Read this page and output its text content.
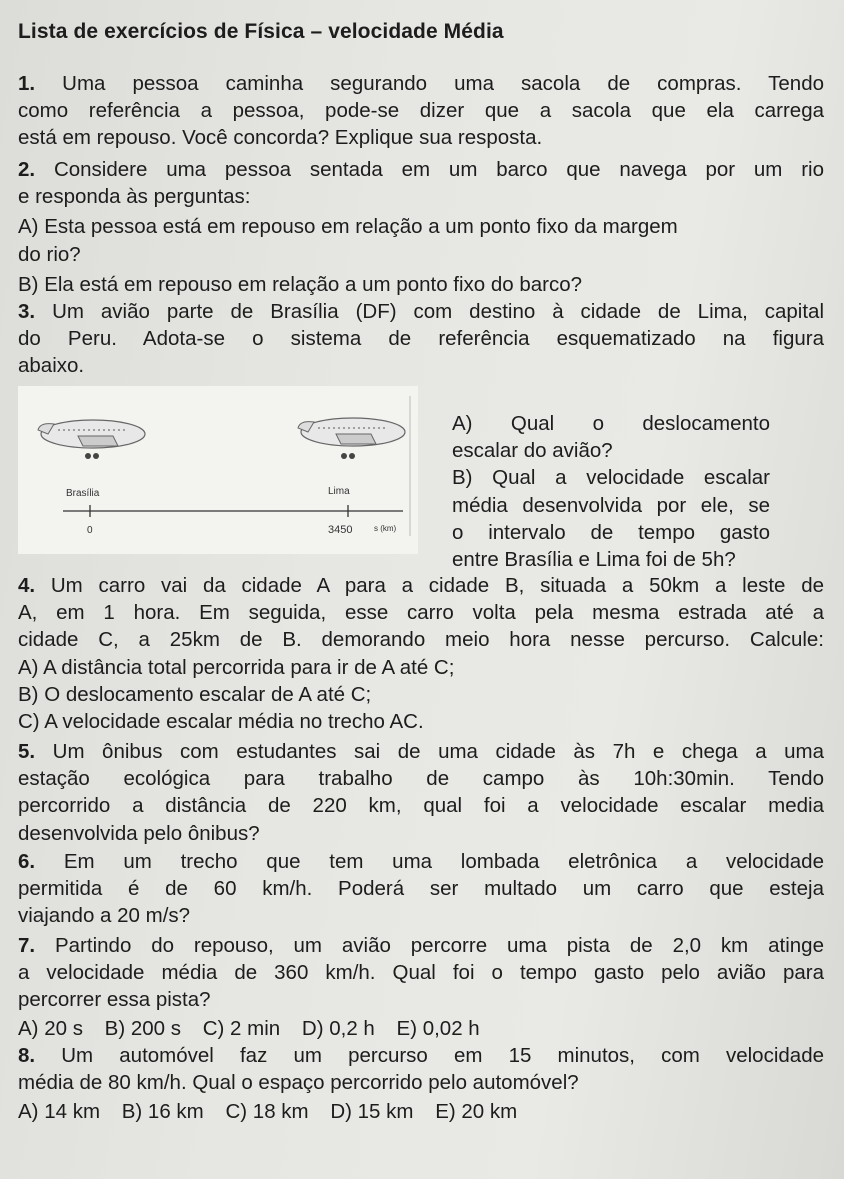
Lista de exercícios de Física – velocidade Média
1. Uma pessoa caminha segurando uma sacola de compras. Tendo
como referência a pessoa, pode-se dizer que a sacola que ela carrega
está em repouso. Você concorda? Explique sua resposta.
2. Considere uma pessoa sentada em um barco que navega por um rio
e responda às perguntas:
A) Esta pessoa está em repouso em relação a um ponto fixo da margem
do rio?
B) Ela está em repouso em relação a um ponto fixo do barco?
3. Um avião parte de Brasília (DF) com destino à cidade de Lima, capital
do Peru. Adota-se o sistema de referência esquematizado na figura
abaixo.
Brasília	Lima
0	3450	s (km)
A) Qual o deslocamento
escalar do avião?
B) Qual a velocidade escalar
média desenvolvida por ele, se
o intervalo de tempo gasto
entre Brasília e Lima foi de 5h?
4. Um carro vai da cidade A para a cidade B, situada a 50km a leste de
A, em 1 hora. Em seguida, esse carro volta pela mesma estrada até a
cidade C, a 25km de B. demorando meio hora nesse percurso. Calcule:
A) A distância total percorrida para ir de A até C;
B) O deslocamento escalar de A até C;
C) A velocidade escalar média no trecho AC.
5. Um ônibus com estudantes sai de uma cidade às 7h e chega a uma
estação ecológica para trabalho de campo às 10h:30min. Tendo
percorrido a distância de 220 km, qual foi a velocidade escalar media
desenvolvida pelo ônibus?
6. Em um trecho que tem uma lombada eletrônica a velocidade
permitida é de 60 km/h. Poderá ser multado um carro que esteja
viajando a 20 m/s?
7. Partindo do repouso, um avião percorre uma pista de 2,0 km atinge
a velocidade média de 360 km/h. Qual foi o tempo gasto pelo avião para
percorrer essa pista?
A) 20 s B) 200 s C) 2 min D) 0,2 h E) 0,02 h
8. Um automóvel faz um percurso em 15 minutos, com velocidade
média de 80 km/h. Qual o espaço percorrido pelo automóvel?
A) 14 km B) 16 km C) 18 km D) 15 km E) 20 km
